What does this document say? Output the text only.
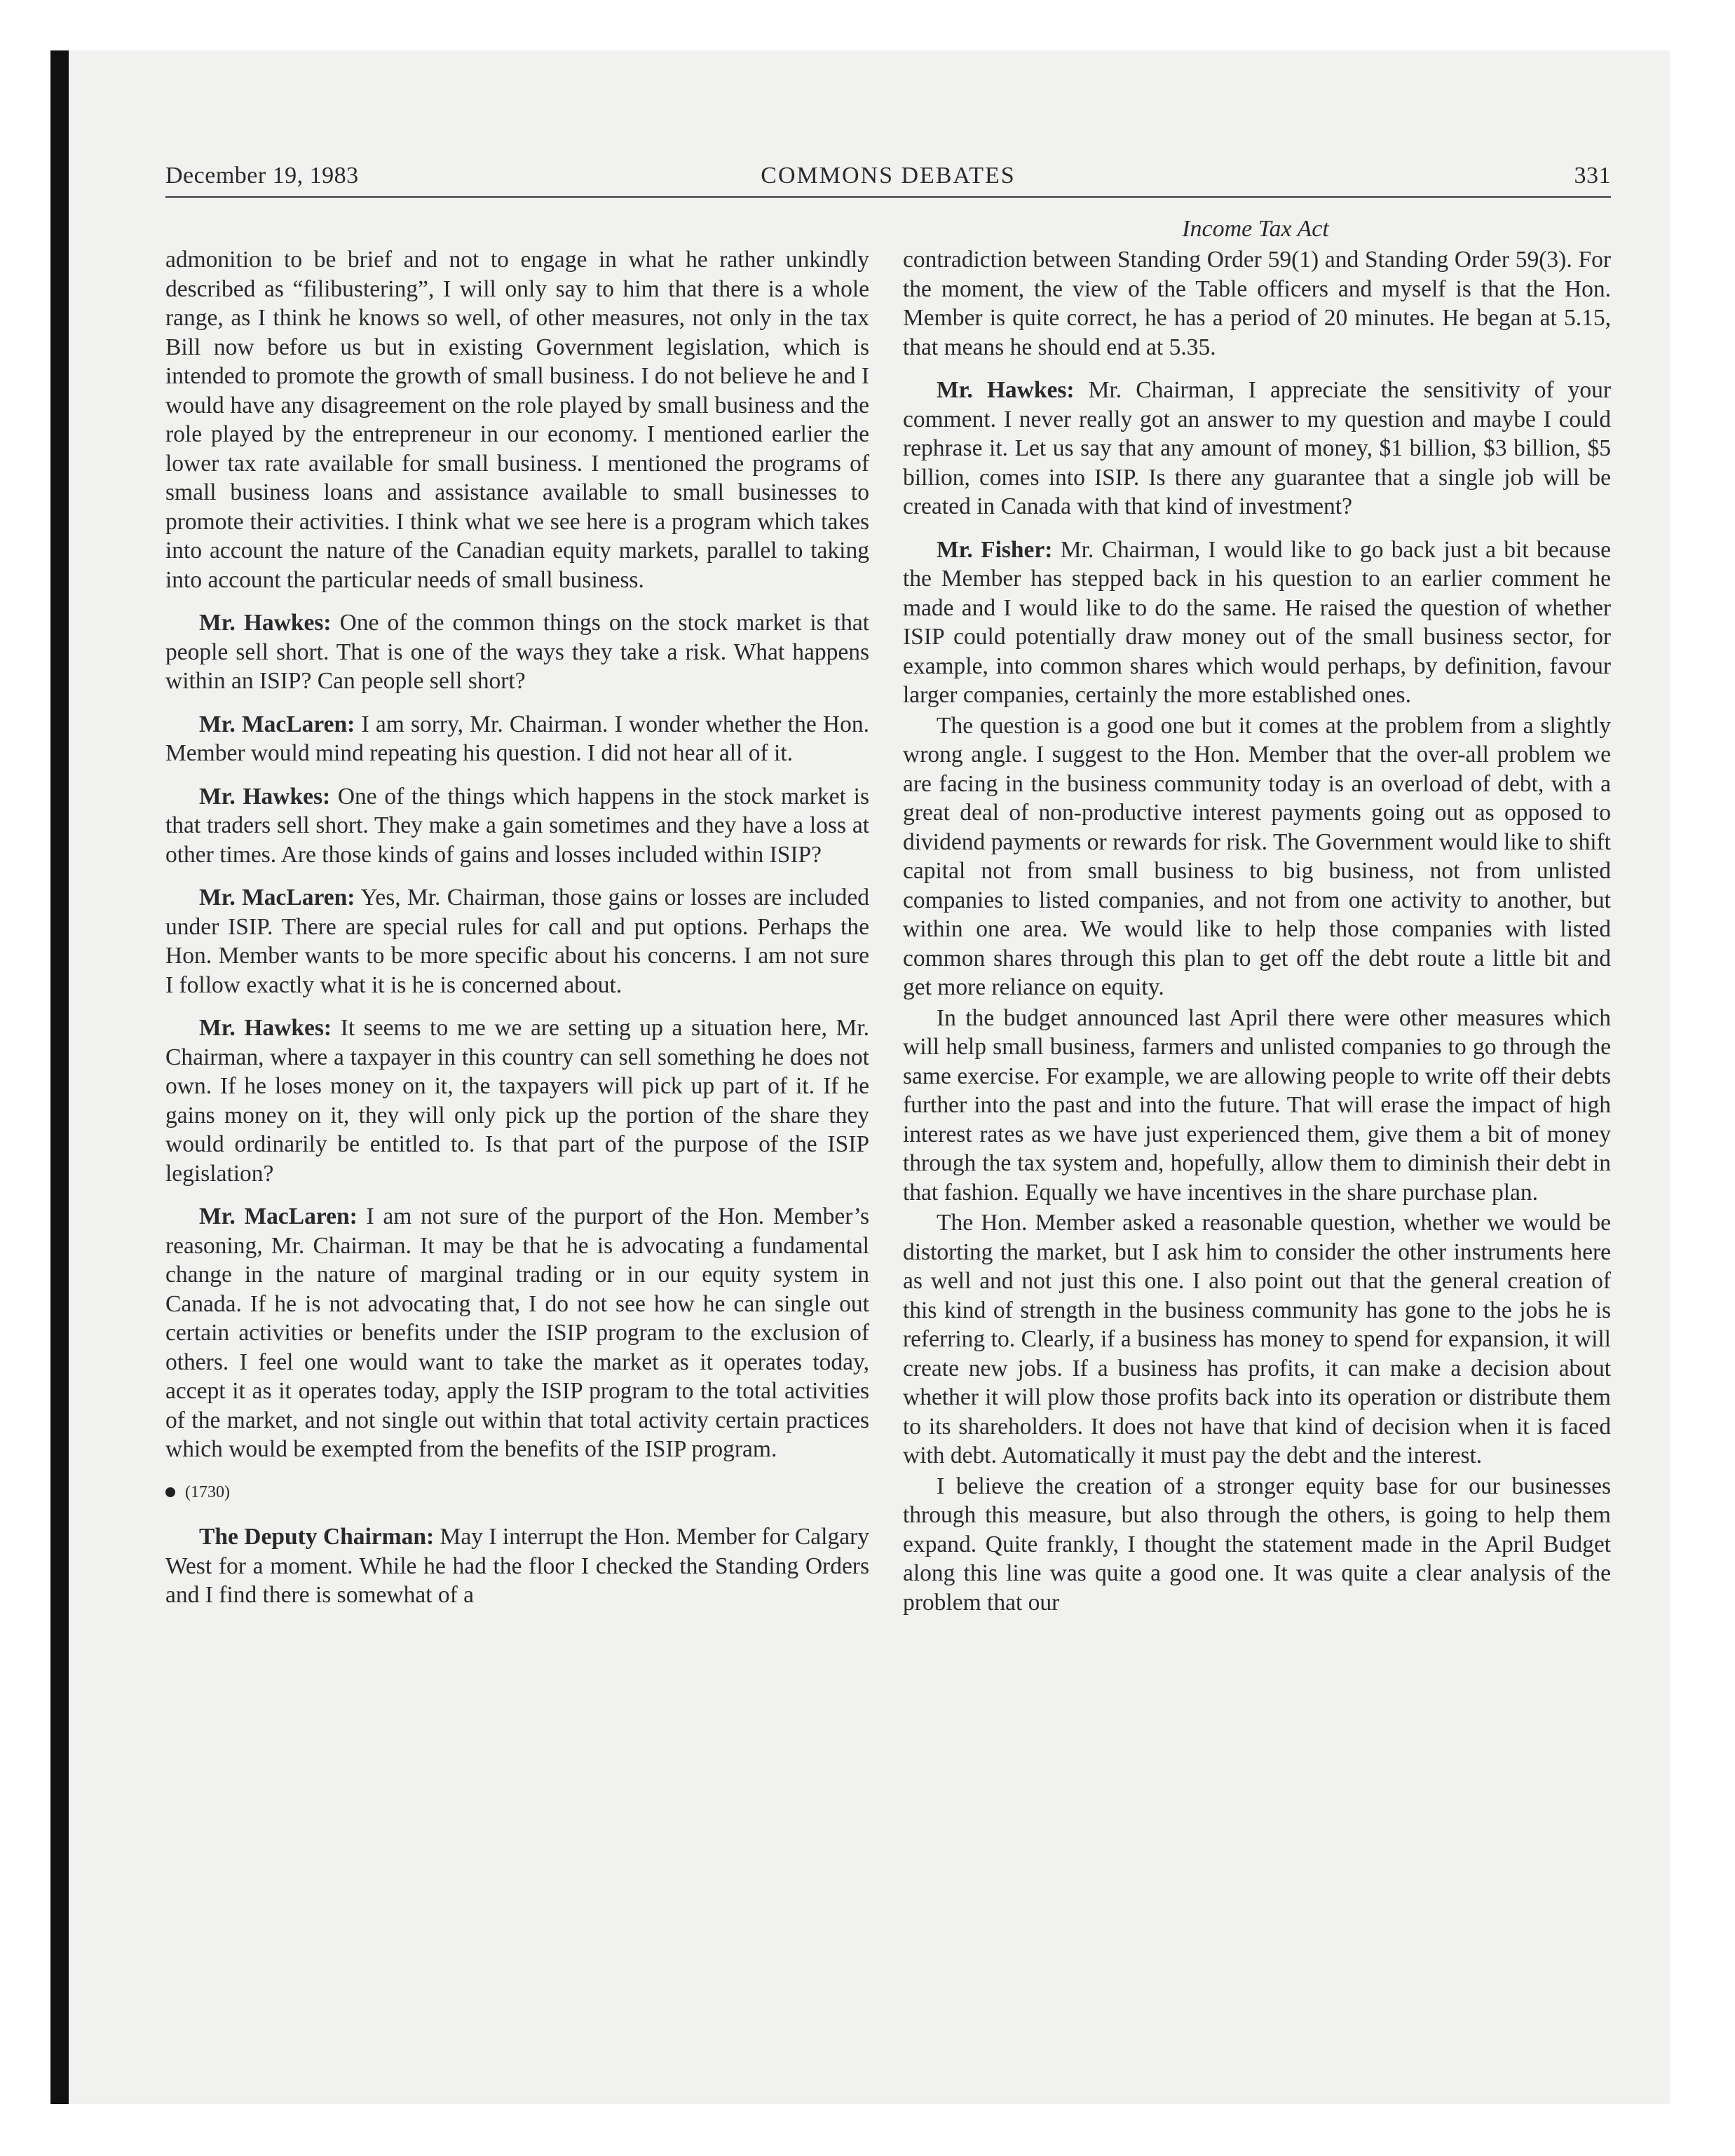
December 19, 1983	COMMONS DEBATES	331
Income Tax Act

admonition to be brief and not to engage in what he rather unkindly described as “filibustering”, I will only say to him that there is a whole range, as I think he knows so well, of other measures, not only in the tax Bill now before us but in existing Government legislation, which is intended to promote the growth of small business. I do not believe he and I would have any disagreement on the role played by small business and the role played by the entrepreneur in our economy. I mentioned earlier the lower tax rate available for small business. I mentioned the programs of small business loans and assistance available to small businesses to promote their activities. I think what we see here is a program which takes into account the nature of the Canadian equity markets, parallel to taking into account the particular needs of small business.

Mr. Hawkes: One of the common things on the stock market is that people sell short. That is one of the ways they take a risk. What happens within an ISIP? Can people sell short?

Mr. MacLaren: I am sorry, Mr. Chairman. I wonder whether the Hon. Member would mind repeating his question. I did not hear all of it.

Mr. Hawkes: One of the things which happens in the stock market is that traders sell short. They make a gain sometimes and they have a loss at other times. Are those kinds of gains and losses included within ISIP?

Mr. MacLaren: Yes, Mr. Chairman, those gains or losses are included under ISIP. There are special rules for call and put options. Perhaps the Hon. Member wants to be more specific about his concerns. I am not sure I follow exactly what it is he is concerned about.

Mr. Hawkes: It seems to me we are setting up a situation here, Mr. Chairman, where a taxpayer in this country can sell something he does not own. If he loses money on it, the taxpayers will pick up part of it. If he gains money on it, they will only pick up the portion of the share they would ordinarily be entitled to. Is that part of the purpose of the ISIP legislation?

Mr. MacLaren: I am not sure of the purport of the Hon. Member’s reasoning, Mr. Chairman. It may be that he is advocating a fundamental change in the nature of marginal trading or in our equity system in Canada. If he is not advocating that, I do not see how he can single out certain activities or benefits under the ISIP program to the exclusion of others. I feel one would want to take the market as it operates today, accept it as it operates today, apply the ISIP program to the total activities of the market, and not single out within that total activity certain practices which would be exempted from the benefits of the ISIP program.

(1730)

The Deputy Chairman: May I interrupt the Hon. Member for Calgary West for a moment. While he had the floor I checked the Standing Orders and I find there is somewhat of a

contradiction between Standing Order 59(1) and Standing Order 59(3). For the moment, the view of the Table officers and myself is that the Hon. Member is quite correct, he has a period of 20 minutes. He began at 5.15, that means he should end at 5.35.

Mr. Hawkes: Mr. Chairman, I appreciate the sensitivity of your comment. I never really got an answer to my question and maybe I could rephrase it. Let us say that any amount of money, $1 billion, $3 billion, $5 billion, comes into ISIP. Is there any guarantee that a single job will be created in Canada with that kind of investment?

Mr. Fisher: Mr. Chairman, I would like to go back just a bit because the Member has stepped back in his question to an earlier comment he made and I would like to do the same. He raised the question of whether ISIP could potentially draw money out of the small business sector, for example, into common shares which would perhaps, by definition, favour larger companies, certainly the more established ones.

The question is a good one but it comes at the problem from a slightly wrong angle. I suggest to the Hon. Member that the over-all problem we are facing in the business community today is an overload of debt, with a great deal of non-productive interest payments going out as opposed to dividend payments or rewards for risk. The Government would like to shift capital not from small business to big business, not from unlisted companies to listed companies, and not from one activity to another, but within one area. We would like to help those companies with listed common shares through this plan to get off the debt route a little bit and get more reliance on equity.

In the budget announced last April there were other measures which will help small business, farmers and unlisted companies to go through the same exercise. For example, we are allowing people to write off their debts further into the past and into the future. That will erase the impact of high interest rates as we have just experienced them, give them a bit of money through the tax system and, hopefully, allow them to diminish their debt in that fashion. Equally we have incentives in the share purchase plan.

The Hon. Member asked a reasonable question, whether we would be distorting the market, but I ask him to consider the other instruments here as well and not just this one. I also point out that the general creation of this kind of strength in the business community has gone to the jobs he is referring to. Clearly, if a business has money to spend for expansion, it will create new jobs. If a business has profits, it can make a decision about whether it will plow those profits back into its operation or distribute them to its shareholders. It does not have that kind of decision when it is faced with debt. Automatically it must pay the debt and the interest.

I believe the creation of a stronger equity base for our businesses through this measure, but also through the others, is going to help them expand. Quite frankly, I thought the statement made in the April Budget along this line was quite a good one. It was quite a clear analysis of the problem that our
